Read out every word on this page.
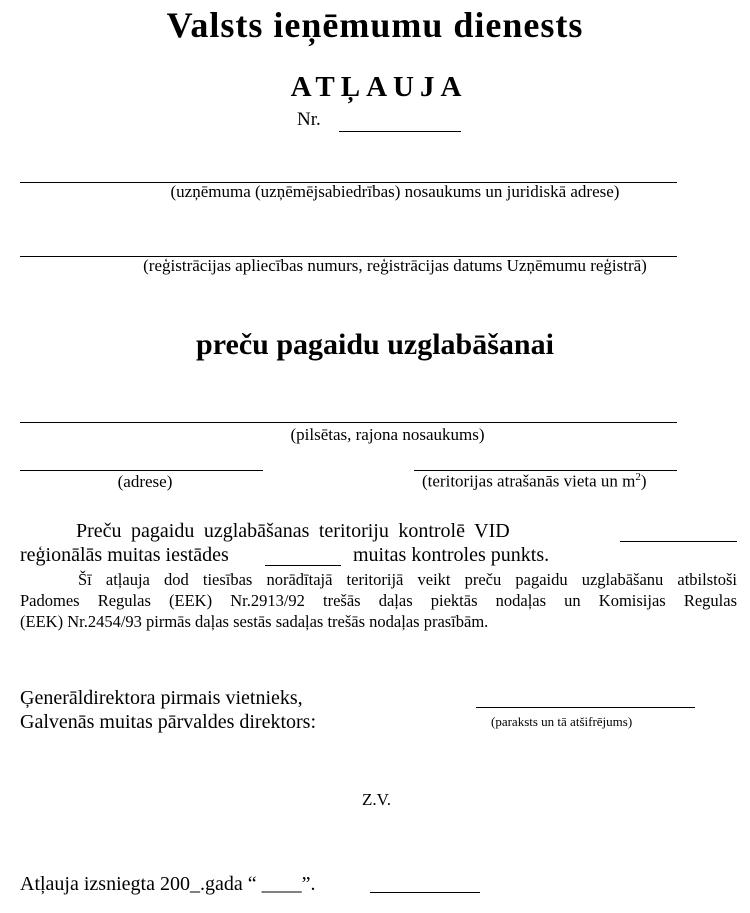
Valsts ieņēmumu dienests
ATĻAUJA
Nr.
(uzņēmuma (uzņēmējsabiedrības) nosaukums un juridiskā adrese)
(reģistrācijas apliecības numurs, reģistrācijas datums Uzņēmumu reģistrā)
preču pagaidu uzglabāšanai
(pilsētas, rajona nosaukums)
(adrese)	(teritorijas atrašanās vieta un $m^2$)
Preču pagaidu uzglabāšanas teritoriju kontrolē VID
reģionālās muitas iestādes	muitas kontroles punkts.
Šī atļauja dod tiesības norādītajā teritorijā veikt preču pagaidu uzglabāšanu atbilstoši
Padomes Regulas (EEK) Nr.2913/92 trešās daļas piektās nodaļas un Komisijas Regulas
(EEK) Nr.2454/93 pirmās daļas sestās sadaļas trešās nodaļas prasībām.
Ģenerāldirektora pirmais vietnieks,
Galvenās muitas pārvaldes direktors:	(paraksts un tā atšifrējums)
Z.V.
Atļauja izsniegta 200_.gada “ ____”.
